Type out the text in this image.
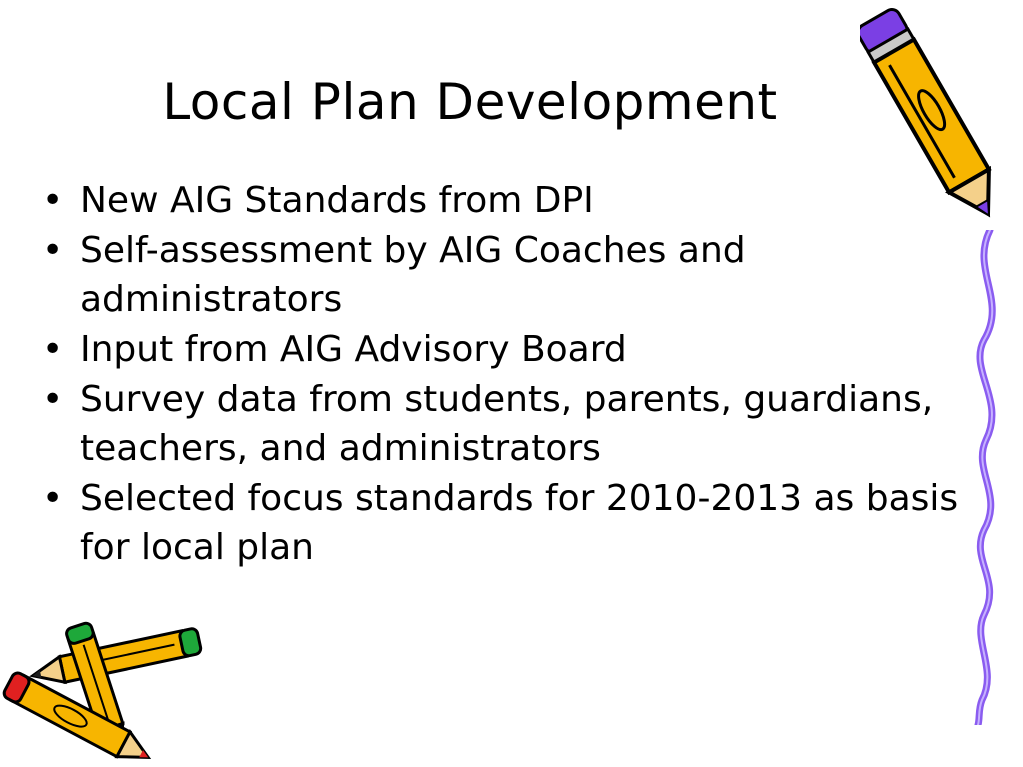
Local Plan Development
• New AIG Standards from DPI
• Self-assessment by AIG Coaches and administrators
• Input from AIG Advisory Board
• Survey data from students, parents, guardians, teachers, and administrators
• Selected focus standards for 2010-2013 as basis for local plan
